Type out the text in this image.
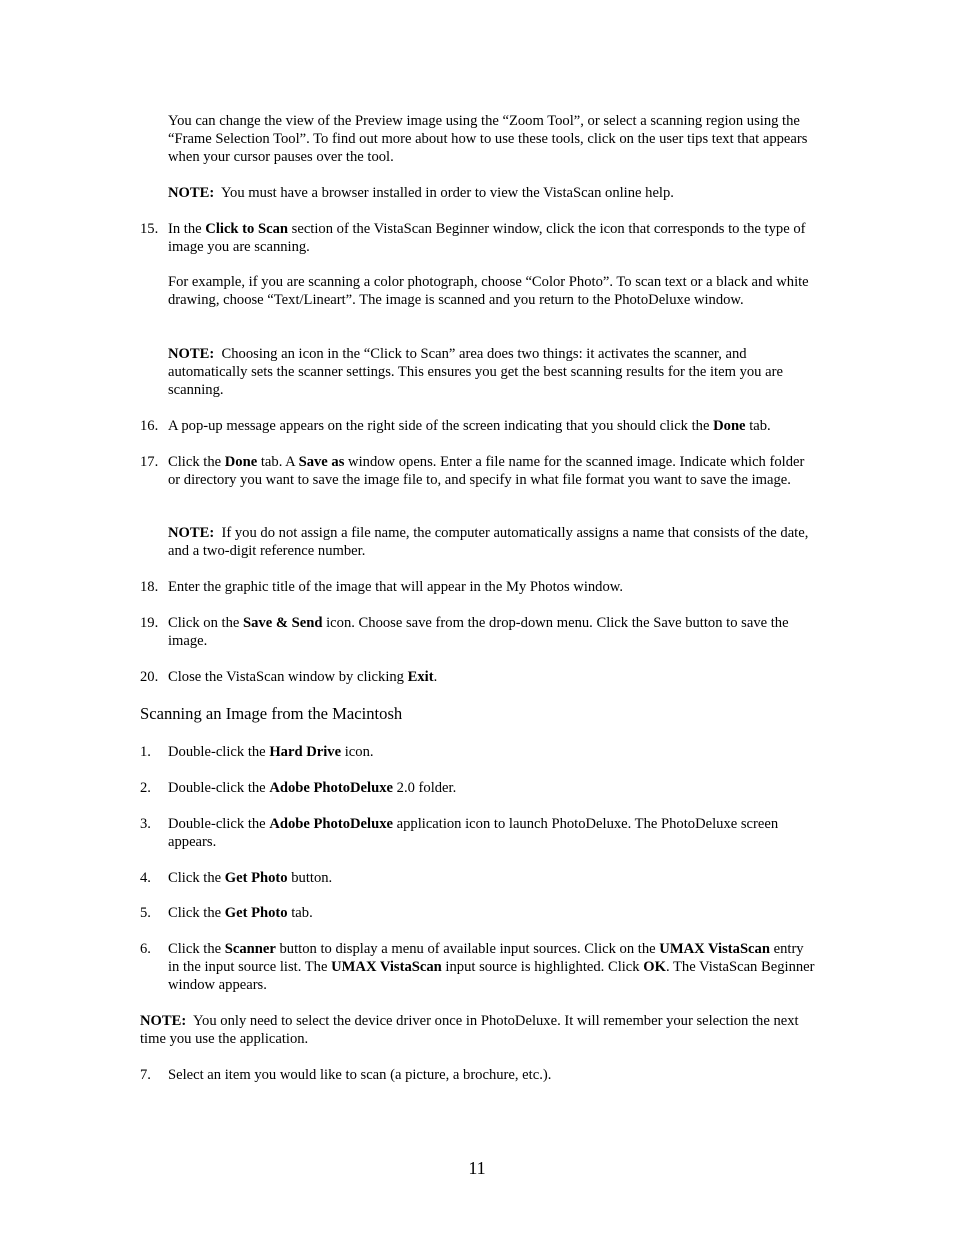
You can change the view of the Preview image using the “Zoom Tool”, or select a scanning region using the “Frame Selection Tool”. To find out more about how to use these tools, click on the user tips text that appears when your cursor pauses over the tool.

NOTE: You must have a browser installed in order to view the VistaScan online help.

15. In the Click to Scan section of the VistaScan Beginner window, click the icon that corresponds to the type of image you are scanning.

For example, if you are scanning a color photograph, choose “Color Photo”. To scan text or a black and white drawing, choose “Text/Lineart”. The image is scanned and you return to the PhotoDeluxe window.

NOTE: Choosing an icon in the “Click to Scan” area does two things: it activates the scanner, and automatically sets the scanner settings. This ensures you get the best scanning results for the item you are scanning.

16. A pop-up message appears on the right side of the screen indicating that you should click the Done tab.
17. Click the Done tab. A Save as window opens. Enter a file name for the scanned image. Indicate which folder or directory you want to save the image file to, and specify in what file format you want to save the image.

NOTE: If you do not assign a file name, the computer automatically assigns a name that consists of the date, and a two-digit reference number.

18. Enter the graphic title of the image that will appear in the My Photos window.
19. Click on the Save & Send icon. Choose save from the drop-down menu. Click the Save button to save the image.
20. Close the VistaScan window by clicking Exit.
Scanning an Image from the Macintosh
1. Double-click the Hard Drive icon.
2. Double-click the Adobe PhotoDeluxe 2.0 folder.
3. Double-click the Adobe PhotoDeluxe application icon to launch PhotoDeluxe. The PhotoDeluxe screen appears.
4. Click the Get Photo button.
5. Click the Get Photo tab.
6. Click the Scanner button to display a menu of available input sources. Click on the UMAX VistaScan entry in the input source list. The UMAX VistaScan input source is highlighted. Click OK. The VistaScan Beginner window appears.

NOTE: You only need to select the device driver once in PhotoDeluxe. It will remember your selection the next time you use the application.

7. Select an item you would like to scan (a picture, a brochure, etc.).
11
